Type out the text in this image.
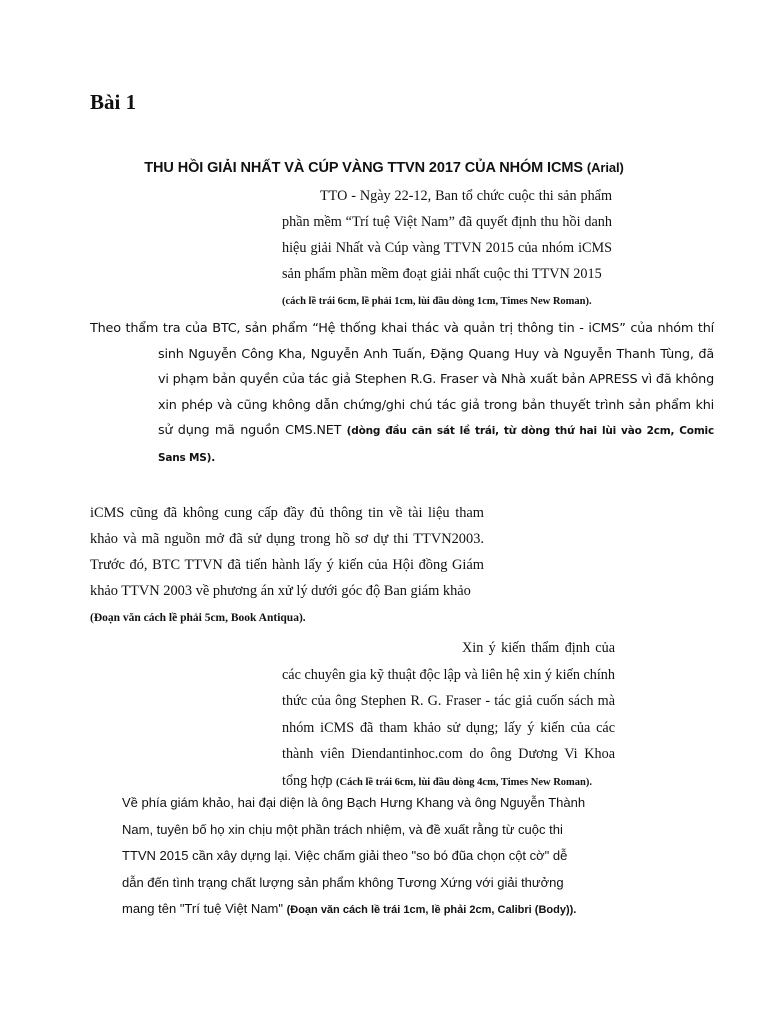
Bài 1
THU HỒI GIẢI NHẤT VÀ CÚP VÀNG TTVN 2017 CỦA NHÓM ICMS (Arial)

TTO - Ngày 22-12, Ban tổ chức cuộc thi sản phẩm phần mềm “Trí tuệ Việt Nam” đã quyết định thu hồi danh hiệu giải Nhất và Cúp vàng TTVN 2015 của nhóm iCMS sản phẩm phần mềm đoạt giải nhất cuộc thi TTVN 2015
(cách lề trái 6cm, lề phải 1cm, lùi đầu dòng 1cm, Times New Roman).

Theo thẩm tra của BTC, sản phẩm “Hệ thống khai thác và quản trị thông tin - iCMS” của nhóm thí sinh Nguyễn Công Kha, Nguyễn Anh Tuấn, Đặng Quang Huy và Nguyễn Thanh Tùng, đã vi phạm bản quyền của tác giả Stephen R.G. Fraser và Nhà xuất bản APRESS vì đã không xin phép và cũng không dẫn chứng/ghi chú tác giả trong bản thuyết trình sản phẩm khi sử dụng mã nguồn CMS.NET (dòng đầu căn sát lề trái, từ dòng thứ hai lùi vào 2cm, Comic Sans MS).

iCMS cũng đã không cung cấp đầy đủ thông tin về tài liệu tham khảo và mã nguồn mở đã sử dụng trong hồ sơ dự thi TTVN2003. Trước đó, BTC TTVN đã tiến hành lấy ý kiến của Hội đồng Giám khảo TTVN 2003 về phương án xử lý dưới góc độ Ban giám khảo
(Đoạn văn cách lề phải 5cm, Book Antiqua).

Xin ý kiến thẩm định của các chuyên gia kỹ thuật độc lập và liên hệ xin ý kiến chính thức của ông Stephen R. G. Fraser - tác giả cuốn sách mà nhóm iCMS đã tham khảo sử dụng; lấy ý kiến của các thành viên Diendantinhoc.com do ông Dương Vi Khoa tổng hợp (Cách lề trái 6cm, lùi đầu dòng 4cm, Times New Roman).

Về phía giám khảo, hai đại diện là ông Bạch Hưng Khang và ông Nguyễn Thành Nam, tuyên bố họ xin chịu một phần trách nhiệm, và đề xuất rằng từ cuộc thi TTVN 2015 cần xây dựng lại. Việc chấm giải theo "so bó đũa chọn cột cờ" dễ dẫn đến tình trạng chất lượng sản phẩm không Tương Xứng với giải thưởng mang tên "Trí tuệ Việt Nam" (Đoạn văn cách lề trái 1cm, lề phải 2cm, Calibri (Body)).
